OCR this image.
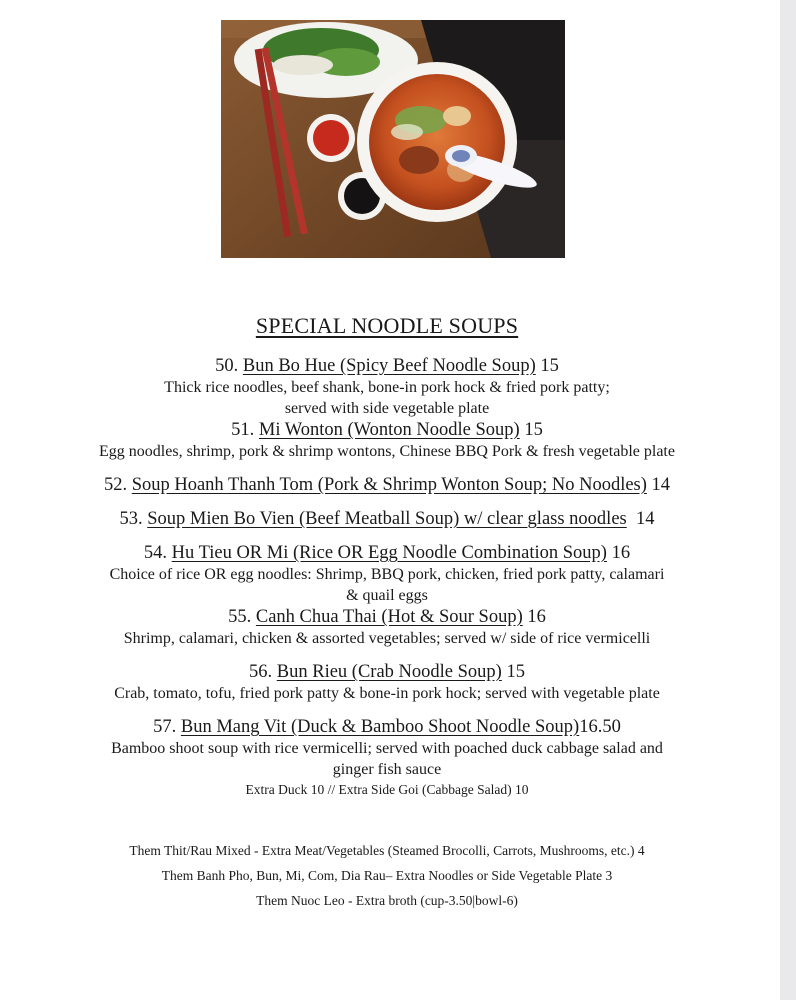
SPECIAL NOODLE SOUPS
50. Bun Bo Hue (Spicy Beef Noodle Soup) 15
Thick rice noodles, beef shank, bone-in pork hock & fried pork patty;
served with side vegetable plate
51. Mi Wonton (Wonton Noodle Soup) 15
Egg noodles, shrimp, pork & shrimp wontons, Chinese BBQ Pork & fresh vegetable plate
52. Soup Hoanh Thanh Tom (Pork & Shrimp Wonton Soup; No Noodles) 14
53. Soup Mien Bo Vien (Beef Meatball Soup) w/ clear glass noodles 14
54. Hu Tieu OR Mi (Rice OR Egg Noodle Combination Soup) 16
Choice of rice OR egg noodles: Shrimp, BBQ pork, chicken, fried pork patty, calamari
& quail eggs
55. Canh Chua Thai (Hot & Sour Soup) 16
Shrimp, calamari, chicken & assorted vegetables; served w/ side of rice vermicelli
56. Bun Rieu (Crab Noodle Soup) 15
Crab, tomato, tofu, fried pork patty & bone-in pork hock; served with vegetable plate
57. Bun Mang Vit (Duck & Bamboo Shoot Noodle Soup)16.50
Bamboo shoot soup with rice vermicelli; served with poached duck cabbage salad and
ginger fish sauce
Extra Duck 10 // Extra Side Goi (Cabbage Salad) 10
Them Thit/Rau Mixed - Extra Meat/Vegetables (Steamed Brocolli, Carrots, Mushrooms, etc.) 4
Them Banh Pho, Bun, Mi, Com, Dia Rau– Extra Noodles or Side Vegetable Plate 3
Them Nuoc Leo - Extra broth (cup-3.50|bowl-6)
